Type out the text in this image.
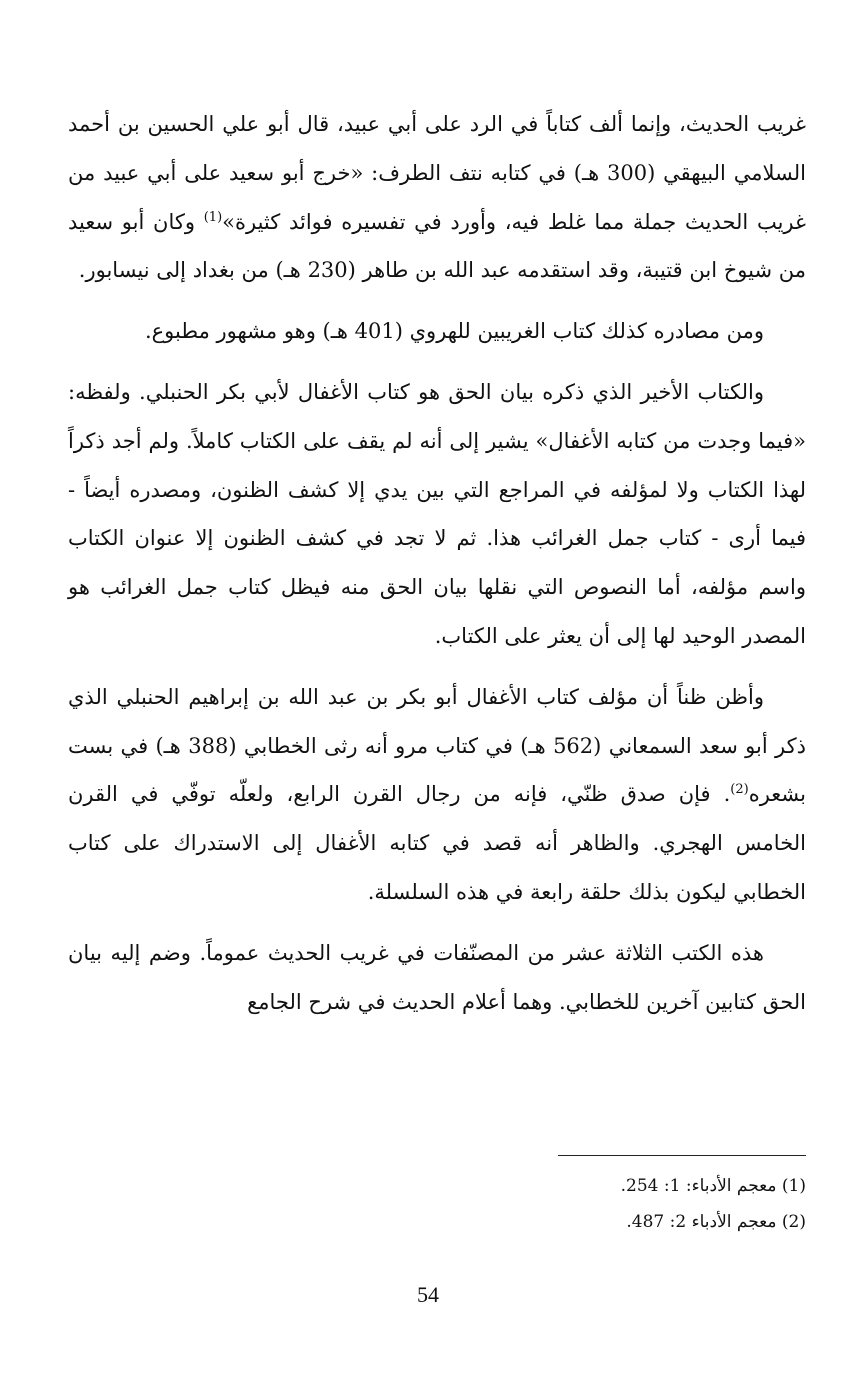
غريب الحديث، وإنما ألف كتاباً في الرد على أبي عبيد، قال أبو علي الحسين بن أحمد السلامي البيهقي (300 هـ) في كتابه نتف الطرف: «خرج أبو سعيد على أبي عبيد من غريب الحديث جملة مما غلط فيه، وأورد في تفسيره فوائد كثيرة»$^{(1)}$ وكان أبو سعيد من شيوخ ابن قتيبة، وقد استقدمه عبد الله بن طاهر (230 هـ) من بغداد إلى نيسابور.

ومن مصادره كذلك كتاب الغريبين للهروي (401 هـ) وهو مشهور مطبوع.

والكتاب الأخير الذي ذكره بيان الحق هو كتاب الأغفال لأبي بكر الحنبلي. ولفظه: «فيما وجدت من كتابه الأغفال» يشير إلى أنه لم يقف على الكتاب كاملاً. ولم أجد ذكراً لهذا الكتاب ولا لمؤلفه في المراجع التي بين يدي إلا كشف الظنون، ومصدره أيضاً - فيما أرى - كتاب جمل الغرائب هذا. ثم لا تجد في كشف الظنون إلا عنوان الكتاب واسم مؤلفه، أما النصوص التي نقلها بيان الحق منه فيظل كتاب جمل الغرائب هو المصدر الوحيد لها إلى أن يعثر على الكتاب.

وأظن ظناً أن مؤلف كتاب الأغفال أبو بكر بن عبد الله بن إبراهيم الحنبلي الذي ذكر أبو سعد السمعاني (562 هـ) في كتاب مرو أنه رثى الخطابي (388 هـ) في بست بشعره$^{(2)}$. فإن صدق ظنّي، فإنه من رجال القرن الرابع، ولعلّه توفّي في القرن الخامس الهجري. والظاهر أنه قصد في كتابه الأغفال إلى الاستدراك على كتاب الخطابي ليكون بذلك حلقة رابعة في هذه السلسلة.

هذه الكتب الثلاثة عشر من المصنّفات في غريب الحديث عموماً. وضم إليه بيان الحق كتابين آخرين للخطابي. وهما أعلام الحديث في شرح الجامع

(1) معجم الأدباء: 1: 254.

(2) معجم الأدباء 2: 487.

54
